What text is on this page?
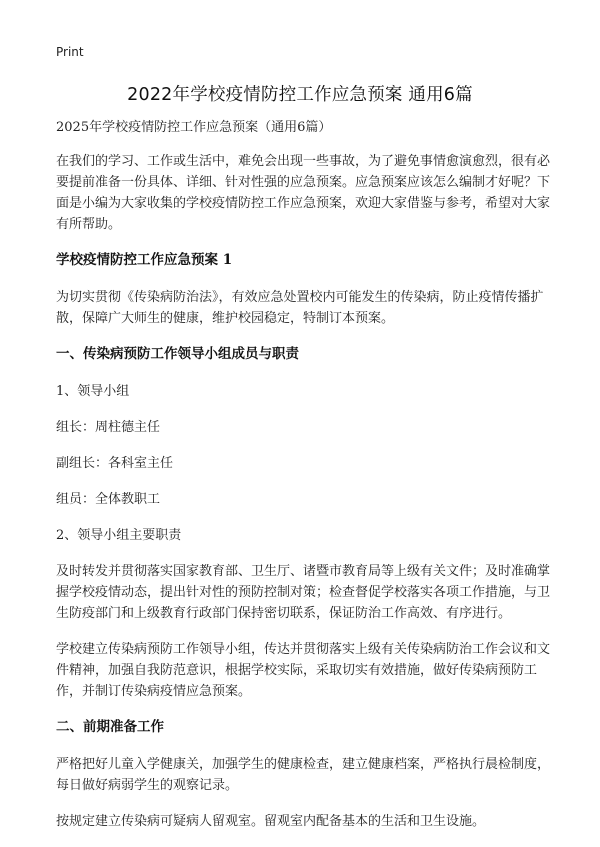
Print
2022年学校疫情防控工作应急预案 通用6篇

2025年学校疫情防控工作应急预案（通用6篇）

在我们的学习、工作或生活中，难免会出现一些事故，为了避免事情愈演愈烈，很有必要提前准备一份具体、详细、针对性强的应急预案。应急预案应该怎么编制才好呢？下面是小编为大家收集的学校疫情防控工作应急预案，欢迎大家借鉴与参考，希望对大家有所帮助。

学校疫情防控工作应急预案 1

为切实贯彻《传染病防治法》，有效应急处置校内可能发生的传染病，防止疫情传播扩散，保障广大师生的健康，维护校园稳定，特制订本预案。

一、传染病预防工作领导小组成员与职责

1、领导小组

组长：周柱德主任

副组长：各科室主任

组员：全体教职工

2、领导小组主要职责

及时转发并贯彻落实国家教育部、卫生厅、诸暨市教育局等上级有关文件；及时准确掌握学校疫情动态，提出针对性的预防控制对策；检查督促学校落实各项工作措施，与卫生防疫部门和上级教育行政部门保持密切联系，保证防治工作高效、有序进行。

学校建立传染病预防工作领导小组，传达并贯彻落实上级有关传染病防治工作会议和文件精神，加强自我防范意识，根据学校实际，采取切实有效措施，做好传染病预防工作，并制订传染病疫情应急预案。

二、前期准备工作

严格把好儿童入学健康关，加强学生的健康检查，建立健康档案，严格执行晨检制度，每日做好病弱学生的观察记录。

按规定建立传染病可疑病人留观室。留观室内配备基本的生活和卫生设施。
